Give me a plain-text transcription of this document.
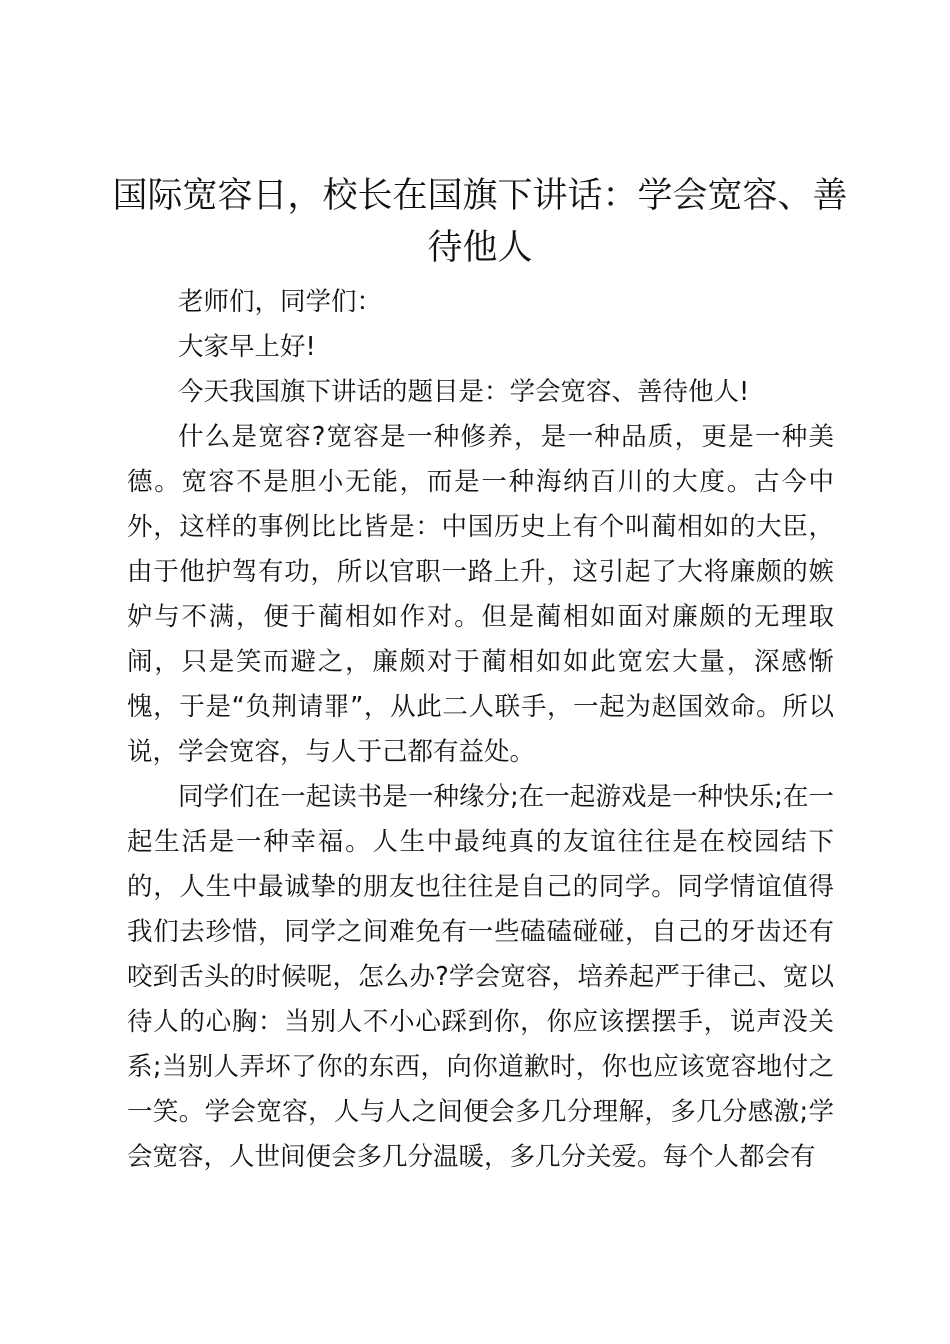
国际宽容日，校长在国旗下讲话：学会宽容、善待他人

老师们，同学们：

大家早上好!

今天我国旗下讲话的题目是：学会宽容、善待他人!

什么是宽容?宽容是一种修养，是一种品质，更是一种美德。宽容不是胆小无能，而是一种海纳百川的大度。古今中外，这样的事例比比皆是：中国历史上有个叫蔺相如的大臣，由于他护驾有功，所以官职一路上升，这引起了大将廉颇的嫉妒与不满，便于蔺相如作对。但是蔺相如面对廉颇的无理取闹，只是笑而避之，廉颇对于蔺相如如此宽宏大量，深感惭愧，于是“负荆请罪”，从此二人联手，一起为赵国效命。所以说，学会宽容，与人于己都有益处。

同学们在一起读书是一种缘分;在一起游戏是一种快乐;在一起生活是一种幸福。人生中最纯真的友谊往往是在校园结下的，人生中最诚挚的朋友也往往是自己的同学。同学情谊值得我们去珍惜，同学之间难免有一些磕磕碰碰，自己的牙齿还有咬到舌头的时候呢，怎么办?学会宽容，培养起严于律己、宽以待人的心胸：当别人不小心踩到你，你应该摆摆手，说声没关系;当别人弄坏了你的东西，向你道歉时，你也应该宽容地付之一笑。学会宽容，人与人之间便会多几分理解，多几分感激;学会宽容，人世间便会多几分温暖，多几分关爱。每个人都会有
